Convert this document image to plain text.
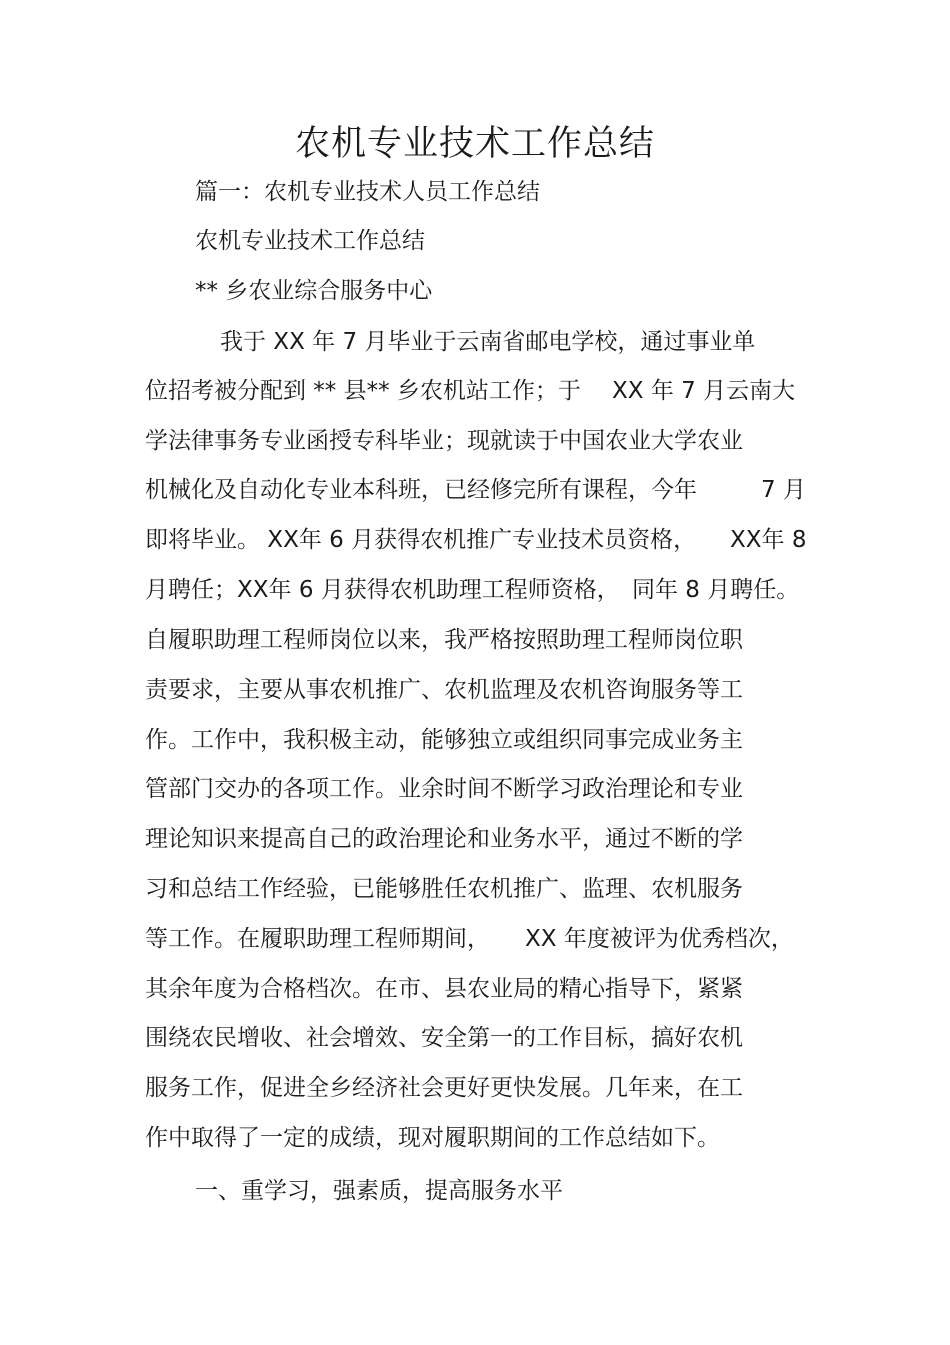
农机专业技术工作总结
篇一：农机专业技术人员工作总结
农机专业技术工作总结
** 乡农业综合服务中心
我于 XX 年 7 月毕业于云南省邮电学校，通过事业单
位招考被分配到 ** 县** 乡农机站工作；于 XX 年 7 月云南大
学法律事务专业函授专科毕业；现就读于中国农业大学农业
机械化及自动化专业本科班，已经修完所有课程，今年	7 月
即将毕业。 XX年 6 月获得农机推广专业技术员资格， XX年 8
月聘任；XX年 6 月获得农机助理工程师资格， 同年 8 月聘任。
自履职助理工程师岗位以来，我严格按照助理工程师岗位职
责要求，主要从事农机推广、农机监理及农机咨询服务等工
作。工作中，我积极主动，能够独立或组织同事完成业务主
管部门交办的各项工作。业余时间不断学习政治理论和专业
理论知识来提高自己的政治理论和业务水平，通过不断的学
习和总结工作经验，已能够胜任农机推广、监理、农机服务
等工作。在履职助理工程师期间， XX 年度被评为优秀档次，
其余年度为合格档次。在市、县农业局的精心指导下，紧紧
围绕农民增收、社会增效、安全第一的工作目标，搞好农机
服务工作，促进全乡经济社会更好更快发展。几年来，在工
作中取得了一定的成绩，现对履职期间的工作总结如下。
一、重学习，强素质，提高服务水平
